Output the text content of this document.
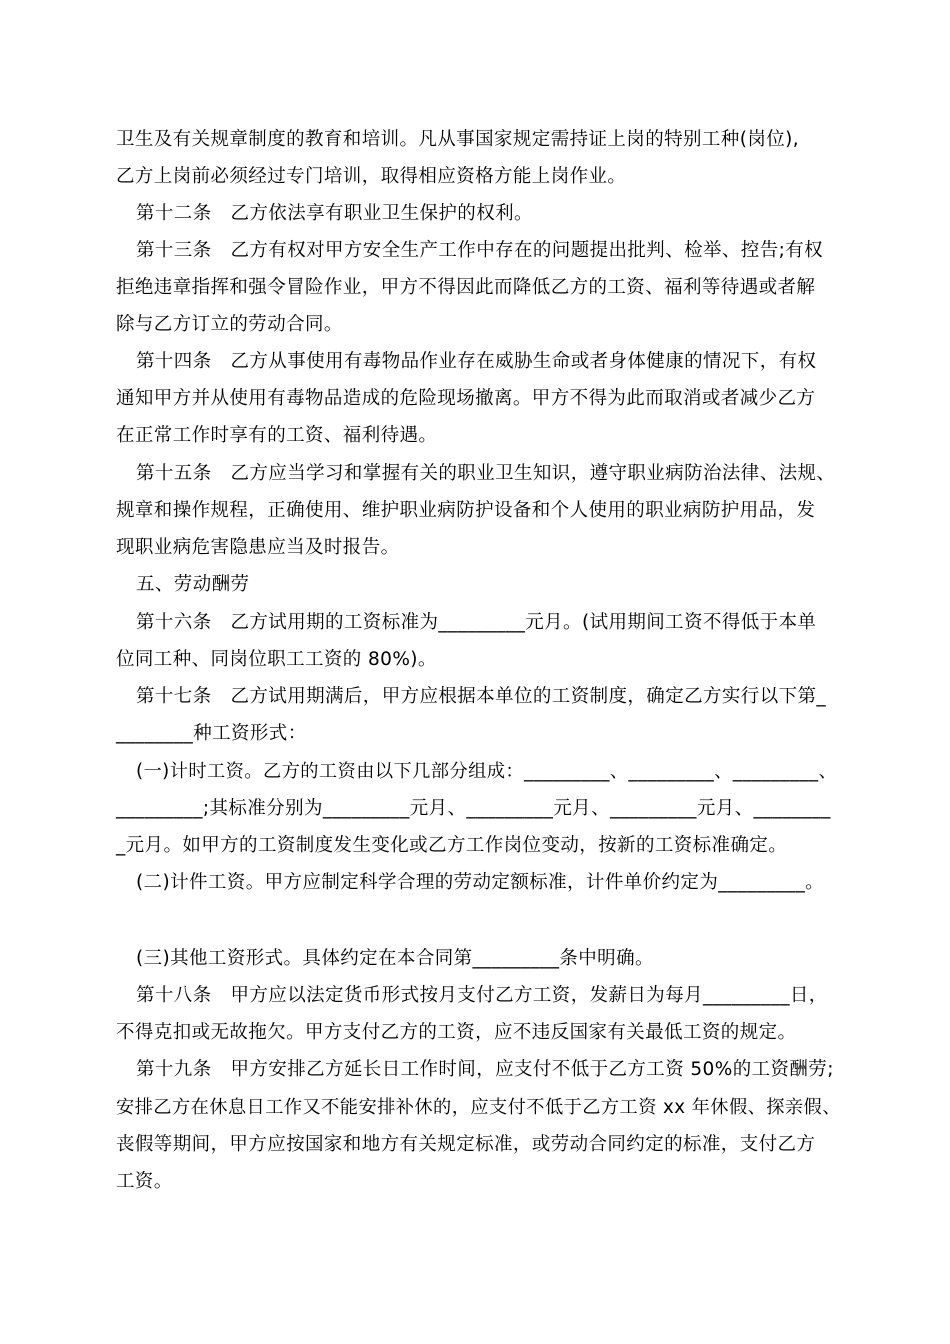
卫生及有关规章制度的教育和培训。凡从事国家规定需持证上岗的特别工种(岗位),
乙方上岗前必须经过专门培训，取得相应资格方能上岗作业。
第十二条　乙方依法享有职业卫生保护的权利。
第十三条　乙方有权对甲方安全生产工作中存在的问题提出批判、检举、控告;有权
拒绝违章指挥和强令冒险作业，甲方不得因此而降低乙方的工资、福利等待遇或者解
除与乙方订立的劳动合同。
第十四条　乙方从事使用有毒物品作业存在威胁生命或者身体健康的情况下，有权
通知甲方并从使用有毒物品造成的危险现场撤离。甲方不得为此而取消或者减少乙方
在正常工作时享有的工资、福利待遇。
第十五条　乙方应当学习和掌握有关的职业卫生知识，遵守职业病防治法律、法规、
规章和操作规程，正确使用、维护职业病防护设备和个人使用的职业病防护用品，发
现职业病危害隐患应当及时报告。
五、劳动酬劳
第十六条　乙方试用期的工资标准为_________元月。(试用期间工资不得低于本单
位同工种、同岗位职工工资的 80%)。
第十七条　乙方试用期满后，甲方应根据本单位的工资制度，确定乙方实行以下第_
________种工资形式：
(一)计时工资。乙方的工资由以下几部分组成：_________、_________、_________、
_________;其标准分别为_________元月、_________元月、_________元月、________
_元月。如甲方的工资制度发生变化或乙方工作岗位变动，按新的工资标准确定。
(二)计件工资。甲方应制定科学合理的劳动定额标准，计件单价约定为_________。
(三)其他工资形式。具体约定在本合同第_________条中明确。
第十八条　甲方应以法定货币形式按月支付乙方工资，发薪日为每月_________日，
不得克扣或无故拖欠。甲方支付乙方的工资，应不违反国家有关最低工资的规定。
第十九条　甲方安排乙方延长日工作时间，应支付不低于乙方工资 50%的工资酬劳;
安排乙方在休息日工作又不能安排补休的，应支付不低于乙方工资 xx 年休假、探亲假、
丧假等期间，甲方应按国家和地方有关规定标准，或劳动合同约定的标准，支付乙方
工资。
